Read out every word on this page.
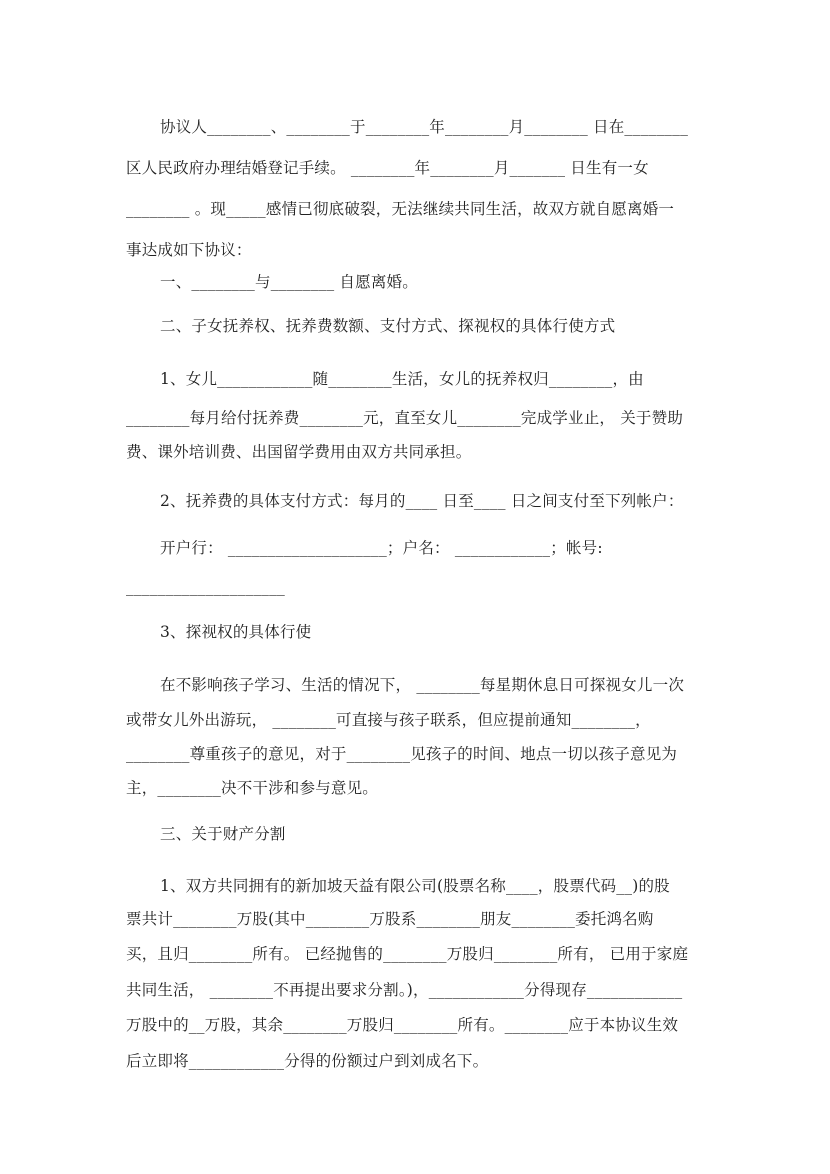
协议人________、________于________年________月________ 日在________
区人民政府办理结婚登记手续。 ________年________月_______ 日生有一女
________ 。现_____感情已彻底破裂，无法继续共同生活，故双方就自愿离婚一
事达成如下协议：
一、________与________ 自愿离婚。
二、子女抚养权、抚养费数额、支付方式、探视权的具体行使方式
1、女儿____________随________生活，女儿的抚养权归________，由
________每月给付抚养费________元，直至女儿________完成学业止， 关于赞助
费、课外培训费、出国留学费用由双方共同承担。
2、抚养费的具体支付方式：每月的____ 日至____ 日之间支付至下列帐户：
开户行： ____________________；户名： ____________；帐号:
____________________
3、探视权的具体行使
在不影响孩子学习、生活的情况下， ________每星期休息日可探视女儿一次
或带女儿外出游玩， ________可直接与孩子联系，但应提前通知________，
________尊重孩子的意见，对于________见孩子的时间、地点一切以孩子意见为
主，________决不干涉和参与意见。
三、关于财产分割
1、双方共同拥有的新加坡天益有限公司(股票名称____，股票代码__)的股
票共计________万股(其中________万股系________朋友________委托鸿名购
买，且归________所有。 已经抛售的________万股归________所有， 已用于家庭
共同生活， ________不再提出要求分割。)，____________分得现存____________
万股中的__万股，其余________万股归________所有。________应于本协议生效
后立即将____________分得的份额过户到刘成名下。
